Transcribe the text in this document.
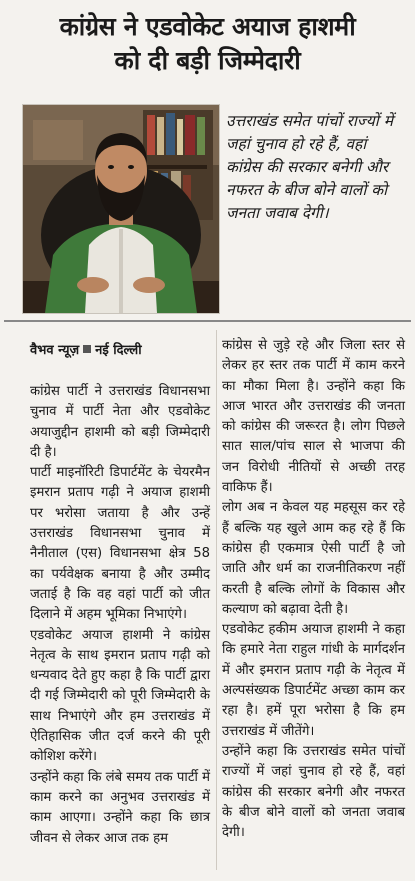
कांग्रेस ने एडवोकेट अयाज हाशमी
को दी बड़ी जिम्मेदारी
उत्तराखंड समेत पांचों राज्यों में जहां चुनाव हो रहे हैं, वहां कांग्रेस की सरकार बनेगी और नफरत के बीज बोने वालों को जनता जवाब देगी।
वैभव न्यूज़ नई दिल्ली

कांग्रेस पार्टी ने उत्तराखंड विधानसभा चुनाव में पार्टी नेता और एडवोकेट अयाजुद्दीन हाशमी को बड़ी जिम्मेदारी दी है।

पार्टी माइनॉरिटी डिपार्टमेंट के चेयरमैन इमरान प्रताप गढ़ी ने अयाज हाशमी पर भरोसा जताया है और उन्हें उत्तराखंड विधानसभा चुनाव में नैनीताल (एस) विधानसभा क्षेत्र 58 का पर्यवेक्षक बनाया है और उम्मीद जताई है कि वह वहां पार्टी को जीत दिलाने में अहम भूमिका निभाएंगे।

एडवोकेट अयाज हाशमी ने कांग्रेस नेतृत्व के साथ इमरान प्रताप गढ़ी को धन्यवाद देते हुए कहा है कि पार्टी द्वारा दी गई जिम्मेदारी को पूरी जिम्मेदारी के साथ निभाएंगे और हम उत्तराखंड में ऐतिहासिक जीत दर्ज करने की पूरी कोशिश करेंगे।

उन्होंने कहा कि लंबे समय तक पार्टी में काम करने का अनुभव उत्तराखंड में काम आएगा। उन्होंने कहा कि छात्र जीवन से लेकर आज तक हम

कांग्रेस से जुड़े रहे और जिला स्तर से लेकर हर स्तर तक पार्टी में काम करने का मौका मिला है। उन्होंने कहा कि आज भारत और उत्तराखंड की जनता को कांग्रेस की जरूरत है। लोग पिछले सात साल/पांच साल से भाजपा की जन विरोधी नीतियों से अच्छी तरह वाकिफ हैं।

लोग अब न केवल यह महसूस कर रहे हैं बल्कि यह खुले आम कह रहे हैं कि कांग्रेस ही एकमात्र ऐसी पार्टी है जो जाति और धर्म का राजनीतिकरण नहीं करती है बल्कि लोगों के विकास और कल्याण को बढ़ावा देती है।

एडवोकेट हकीम अयाज हाशमी ने कहा कि हमारे नेता राहुल गांधी के मार्गदर्शन में और इमरान प्रताप गढ़ी के नेतृत्व में अल्पसंख्यक डिपार्टमेंट अच्छा काम कर रहा है। हमें पूरा भरोसा है कि हम उत्तराखंड में जीतेंगे।

उन्होंने कहा कि उत्तराखंड समेत पांचों राज्यों में जहां चुनाव हो रहे हैं, वहां कांग्रेस की सरकार बनेगी और नफरत के बीज बोने वालों को जनता जवाब देगी।
